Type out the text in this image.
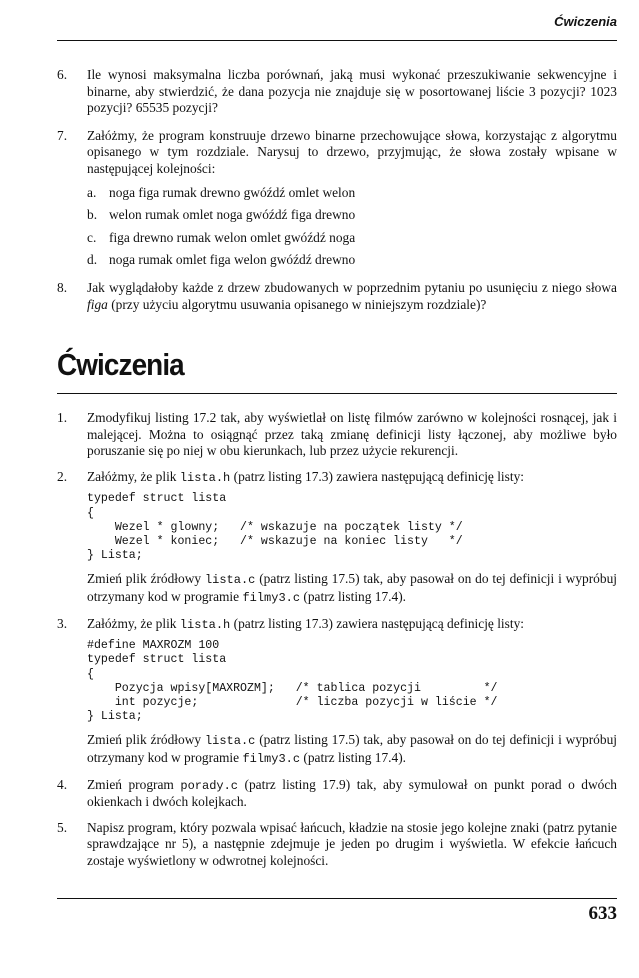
Ćwiczenia
6. Ile wynosi maksymalna liczba porównań, jaką musi wykonać przeszukiwanie sekwencyjne i binarne, aby stwierdzić, że dana pozycja nie znajduje się w posortowanej liście 3 pozycji? 1023 pozycji? 65535 pozycji?
7. Załóżmy, że program konstruuje drzewo binarne przechowujące słowa, korzystając z algorytmu opisanego w tym rozdziale. Narysuj to drzewo, przyjmując, że słowa zostały wpisane w następującej kolejności:
a. noga figa rumak drewno gwóźdź omlet welon
b. welon rumak omlet noga gwóźdź figa drewno
c. figa drewno rumak welon omlet gwóźdź noga
d. noga rumak omlet figa welon gwóźdź drewno
8. Jak wyglądałoby każde z drzew zbudowanych w poprzednim pytaniu po usunięciu z niego słowa figa (przy użyciu algorytmu usuwania opisanego w niniejszym rozdziale)?
Ćwiczenia
1. Zmodyfikuj listing 17.2 tak, aby wyświetlał on listę filmów zarówno w kolejności rosnącej, jak i malejącej. Można to osiągnąć przez taką zmianę definicji listy łączonej, aby możliwe było poruszanie się po niej w obu kierunkach, lub przez użycie rekurencji.
2. Załóżmy, że plik lista.h (patrz listing 17.3) zawiera następującą definicję listy:
typedef struct lista
{
Wezel * glowny;   /* wskazuje na początek listy */
Wezel * koniec;   /* wskazuje na koniec listy   */
} Lista;
Zmień plik źródłowy lista.c (patrz listing 17.5) tak, aby pasował on do tej definicji i wypróbuj otrzymany kod w programie filmy3.c (patrz listing 17.4).
3. Załóżmy, że plik lista.h (patrz listing 17.3) zawiera następującą definicję listy:
#define MAXROZM 100
typedef struct lista
{
Pozycja wpisy[MAXROZM];   /* tablica pozycji         */
int pozycje;              /* liczba pozycji w liście */
} Lista;
Zmień plik źródłowy lista.c (patrz listing 17.5) tak, aby pasował on do tej definicji i wypróbuj otrzymany kod w programie filmy3.c (patrz listing 17.4).
4. Zmień program porady.c (patrz listing 17.9) tak, aby symulował on punkt porad o dwóch okienkach i dwóch kolejkach.
5. Napisz program, który pozwala wpisać łańcuch, kładzie na stosie jego kolejne znaki (patrz pytanie sprawdzające nr 5), a następnie zdejmuje je jeden po drugim i wyświetla. W efekcie łańcuch zostaje wyświetlony w odwrotnej kolejności.
633
